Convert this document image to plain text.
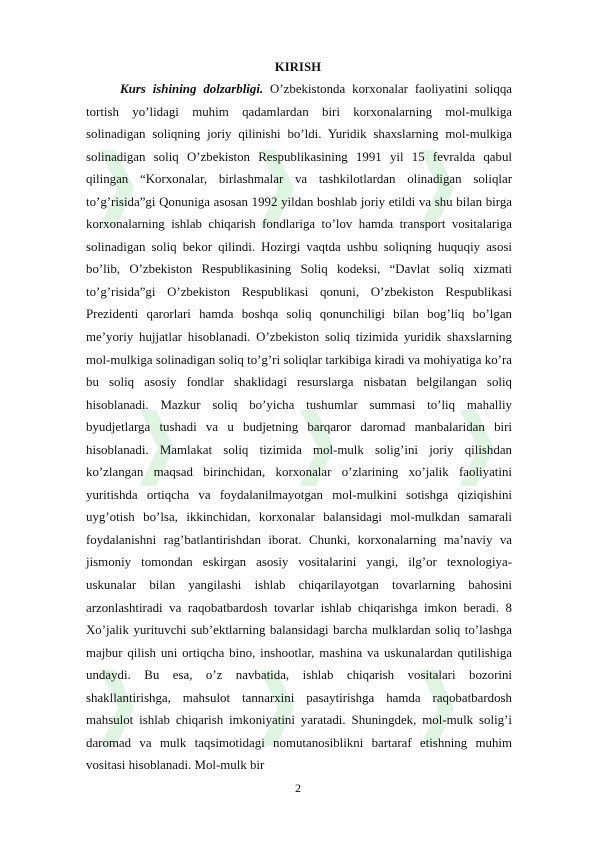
KIRISH

Kurs ishining dolzarbligi. O’zbekistonda korxonalar faoliyatini soliqqa tortish yo’lidagi muhim qadamlardan biri korxonalarning mol-mulkiga solinadigan soliqning joriy qilinishi bo’ldi. Yuridik shaxslarning mol-mulkiga solinadigan soliq O’zbekiston Respublikasining 1991 yil 15 fevralda qabul qilingan “Korxonalar, birlashmalar va tashkilotlardan olinadigan soliqlar to’g’risida”gi Qonuniga asosan 1992 yildan boshlab joriy etildi va shu bilan birga korxonalarning ishlab chiqarish fondlariga to’lov hamda transport vositalariga solinadigan soliq bekor qilindi. Hozirgi vaqtda ushbu soliqning huquqiy asosi bo’lib, O’zbekiston Respublikasining Soliq kodeksi, “Davlat soliq xizmati to’g’risida”gi O’zbekiston Respublikasi qonuni, O’zbekiston Respublikasi Prezidenti qarorlari hamda boshqa soliq qonunchiligi bilan bog’liq bo’lgan me’yoriy hujjatlar hisoblanadi. O’zbekiston soliq tizimida yuridik shaxslarning mol-mulkiga solinadigan soliq to’g’ri soliqlar tarkibiga kiradi va mohiyatiga ko’ra bu soliq asosiy fondlar shaklidagi resurslarga nisbatan belgilangan soliq hisoblanadi. Mazkur soliq bo’yicha tushumlar summasi to’liq mahalliy byudjetlarga tushadi va u budjetning barqaror daromad manbalaridan biri hisoblanadi. Mamlakat soliq tizimida mol-mulk solig’ini joriy qilishdan ko’zlangan maqsad birinchidan, korxonalar o’zlarining xo’jalik faoliyatini yuritishda ortiqcha va foydalanilmayotgan mol-mulkini sotishga qiziqishini uyg’otish bo’lsa, ikkinchidan, korxonalar balansidagi mol-mulkdan samarali foydalanishni rag’batlantirishdan iborat. Chunki, korxonalarning ma’naviy va jismoniy tomondan eskirgan asosiy vositalarini yangi, ilg’or texnologiya-uskunalar bilan yangilashi ishlab chiqarilayotgan tovarlarning bahosini arzonlashtiradi va raqobatbardosh tovarlar ishlab chiqarishga imkon beradi. 8 Xo’jalik yurituvchi sub’ektlarning balansidagi barcha mulklardan soliq to’lashga majbur qilish uni ortiqcha bino, inshootlar, mashina va uskunalardan qutilishiga undaydi. Bu esa, o’z navbatida, ishlab chiqarish vositalari bozorini shakllantirishga, mahsulot tannarxini pasaytirishga hamda raqobatbardosh mahsulot ishlab chiqarish imkoniyatini yaratadi. Shuningdek, mol-mulk solig’i daromad va mulk taqsimotidagi nomutanosiblikni bartaraf etishning muhim vositasi hisoblanadi. Mol-mulk bir

2
